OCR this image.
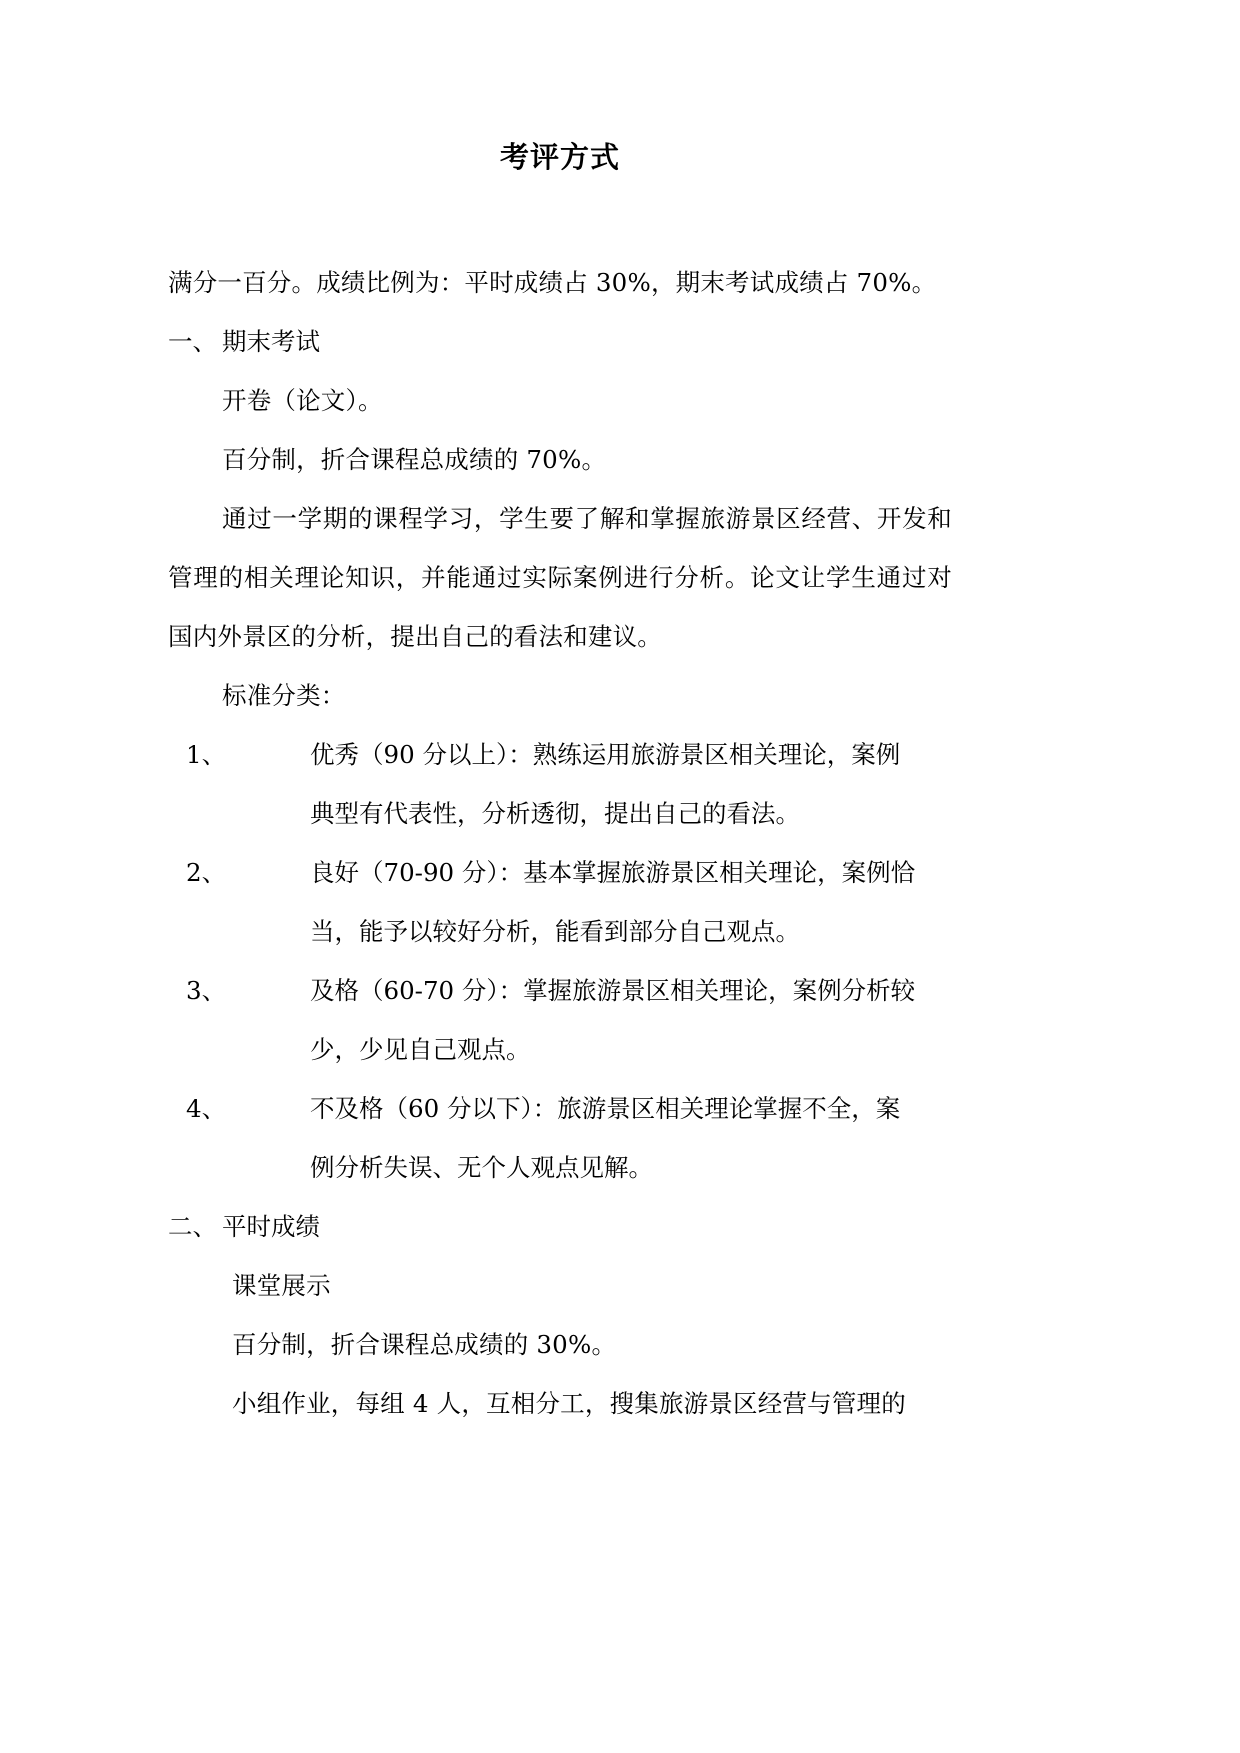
考评方式

满分一百分。成绩比例为：平时成绩占 30%，期末考试成绩占 70%。

一、 期末考试

开卷（论文）。

百分制，折合课程总成绩的 70%。

通过一学期的课程学习，学生要了解和掌握旅游景区经营、开发和管理的相关理论知识，并能通过实际案例进行分析。论文让学生通过对国内外景区的分析，提出自己的看法和建议。

标准分类：

1、	优秀（90 分以上）：熟练运用旅游景区相关理论，案例

典型有代表性，分析透彻，提出自己的看法。

2、	良好（70-90 分）：基本掌握旅游景区相关理论，案例恰

当，能予以较好分析，能看到部分自己观点。

3、	及格（60-70 分）：掌握旅游景区相关理论，案例分析较

少，少见自己观点。

4、	不及格（60 分以下）：旅游景区相关理论掌握不全，案

例分析失误、无个人观点见解。

二、 平时成绩

课堂展示

百分制，折合课程总成绩的 30%。

小组作业，每组 4 人，互相分工，搜集旅游景区经营与管理的
